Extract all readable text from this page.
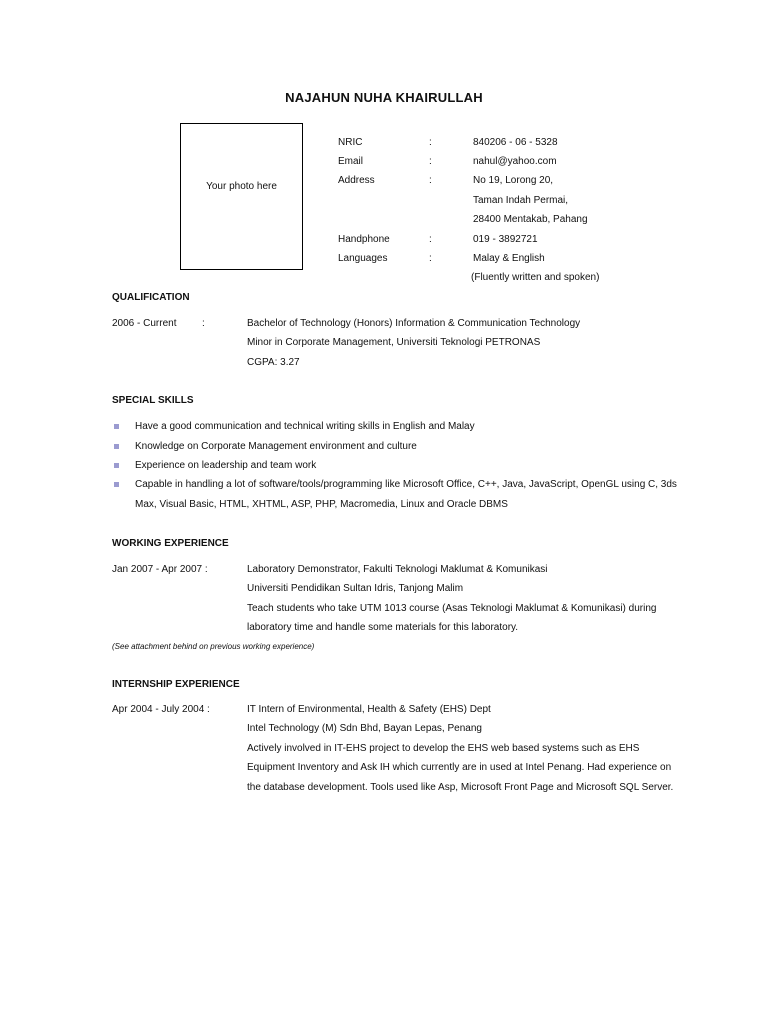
NAJAHUN NUHA KHAIRULLAH
Your photo here
NRIC	:	840206 - 06 - 5328
Email	:	nahul@yahoo.com
Address	:	No 19, Lorong 20,
Taman Indah Permai,
28400 Mentakab, Pahang
Handphone	:	019 - 3892721
Languages	:	Malay & English
(Fluently written and spoken)
QUALIFICATION
2006 - Current	:	Bachelor of Technology (Honors) Information & Communication Technology
Minor in Corporate Management, Universiti Teknologi PETRONAS
CGPA: 3.27
SPECIAL SKILLS
Have a good communication and technical writing skills in English and Malay
Knowledge on Corporate Management environment and culture
Experience on leadership and team work
Capable in handling a lot of software/tools/programming like Microsoft Office, C++, Java, JavaScript, OpenGL using C, 3ds
Max, Visual Basic, HTML, XHTML, ASP, PHP, Macromedia, Linux and Oracle DBMS
WORKING EXPERIENCE
Jan 2007 - Apr 2007 :	Laboratory Demonstrator, Fakulti Teknologi Maklumat & Komunikasi
Universiti Pendidikan Sultan Idris, Tanjong Malim
Teach students who take UTM 1013 course (Asas Teknologi Maklumat & Komunikasi) during
laboratory time and handle some materials for this laboratory.
(See attachment behind on previous working experience)
INTERNSHIP EXPERIENCE
Apr 2004 - July 2004 :	IT Intern of Environmental, Health & Safety (EHS) Dept
Intel Technology (M) Sdn Bhd, Bayan Lepas, Penang
Actively involved in IT-EHS project to develop the EHS web based systems such as EHS
Equipment Inventory and Ask IH which currently are in used at Intel Penang. Had experience on
the database development. Tools used like Asp, Microsoft Front Page and Microsoft SQL Server.
